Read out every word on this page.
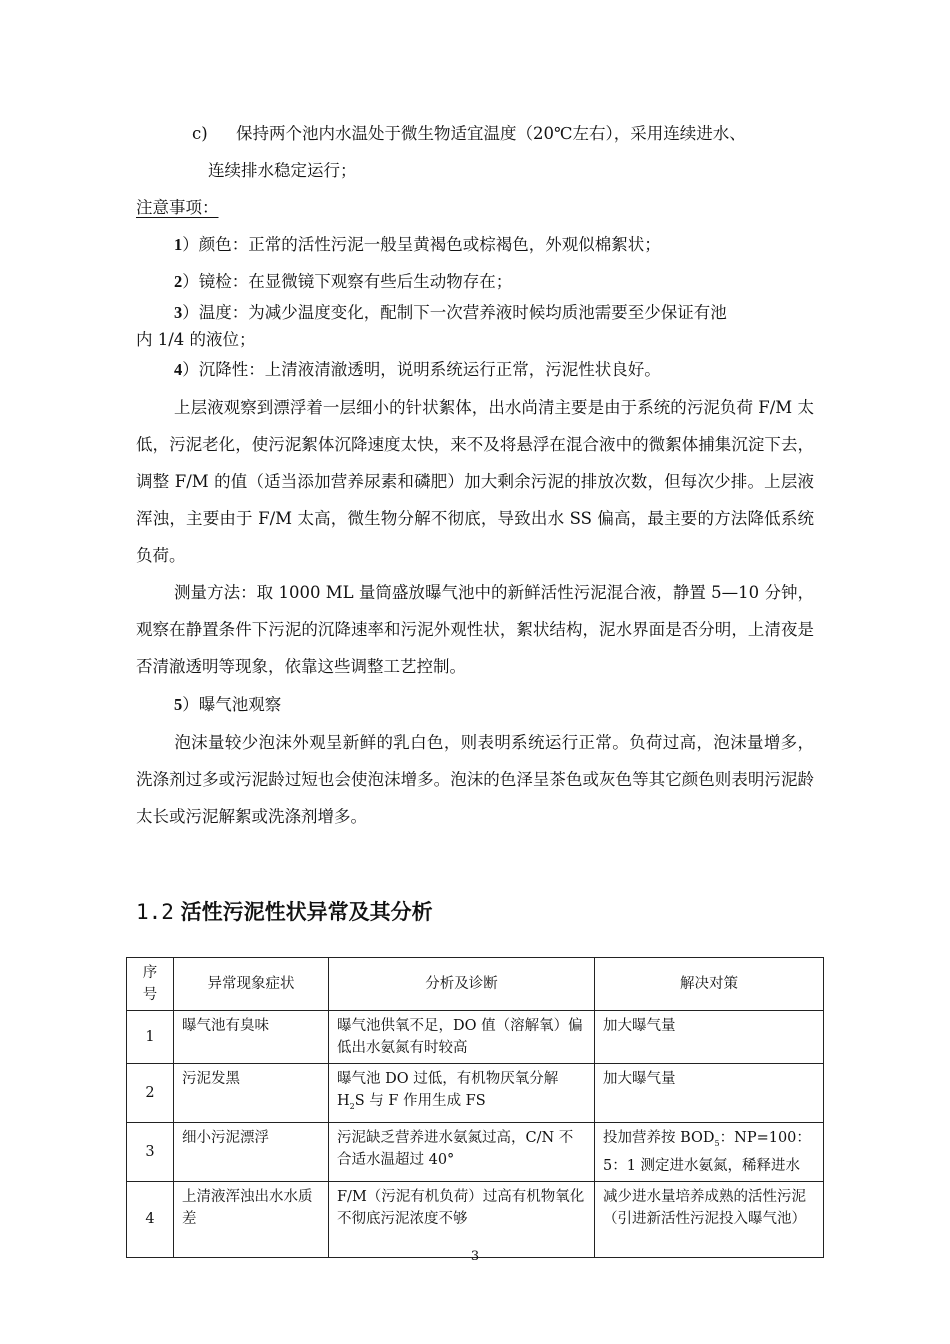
c) 保持两个池内水温处于微生物适宜温度（20℃左右），采用连续进水、
连续排水稳定运行；
注意事项：
1）颜色：正常的活性污泥一般呈黄褐色或棕褐色，外观似棉絮状；
2）镜检：在显微镜下观察有些后生动物存在；
3）温度：为减少温度变化，配制下一次营养液时候均质池需要至少保证有池
内 1/4 的液位；
4）沉降性：上清液清澈透明，说明系统运行正常，污泥性状良好。
上层液观察到漂浮着一层细小的针状絮体，出水尚清主要是由于系统的污泥负荷 F/M 太低，污泥老化，使污泥絮体沉降速度太快，来不及将悬浮在混合液中的微絮体捕集沉淀下去，调整 F/M 的值（适当添加营养尿素和磷肥）加大剩余污泥的排放次数，但每次少排。上层液浑浊，主要由于 F/M 太高，微生物分解不彻底，导致出水 SS 偏高，最主要的方法降低系统负荷。
测量方法：取 1000 ML 量筒盛放曝气池中的新鲜活性污泥混合液，静置 5—10 分钟，观察在静置条件下污泥的沉降速率和污泥外观性状，絮状结构，泥水界面是否分明，上清夜是否清澈透明等现象，依靠这些调整工艺控制。
5）曝气池观察
泡沫量较少泡沫外观呈新鲜的乳白色，则表明系统运行正常。负荷过高，泡沫量增多，洗涤剂过多或污泥龄过短也会使泡沫增多。泡沫的色泽呈茶色或灰色等其它颜色则表明污泥龄太长或污泥解絮或洗涤剂增多。
1.2 活性污泥性状异常及其分析
序号	异常现象症状	分析及诊断	解决对策
1	曝气池有臭味	曝气池供氧不足，DO 值（溶解氧）偏低出水氨氮有时较高	加大曝气量
2	污泥发黑	曝气池 DO 过低，有机物厌氧分解 $H_2S$ 与 F 作用生成 FS	加大曝气量
3	细小污泥漂浮	污泥缺乏营养进水氨氮过高，C/N 不合适水温超过 40°	投加营养按 $BOD_5$：NP=100：5：1 测定进水氨氮，稀释进水
4	上清液浑浊出水水质差	F/M（污泥有机负荷）过高有机物氧化不彻底污泥浓度不够	减少进水量培养成熟的活性污泥（引进新活性污泥投入曝气池）
3
